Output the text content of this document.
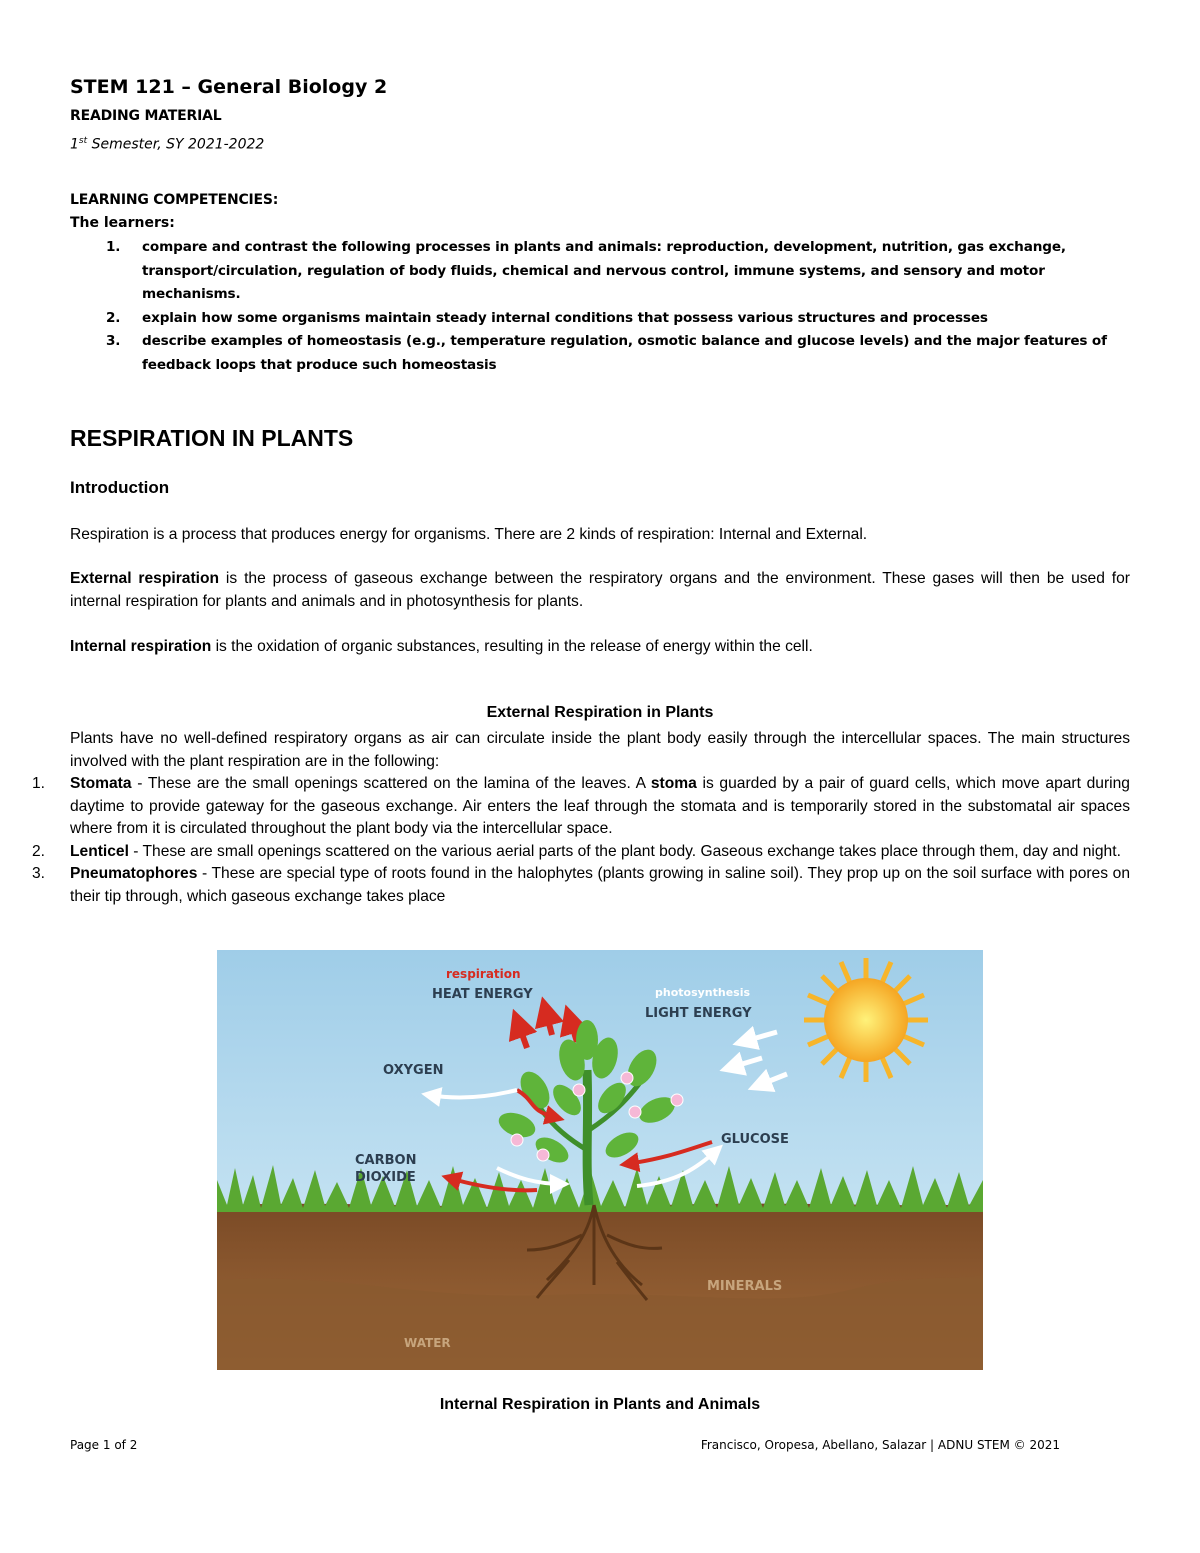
STEM 121 – General Biology 2
READING MATERIAL
1st Semester, SY 2021-2022
LEARNING COMPETENCIES:
The learners:
1. compare and contrast the following processes in plants and animals: reproduction, development, nutrition, gas exchange, transport/circulation, regulation of body fluids, chemical and nervous control, immune systems, and sensory and motor mechanisms.
2. explain how some organisms maintain steady internal conditions that possess various structures and processes
3. describe examples of homeostasis (e.g., temperature regulation, osmotic balance and glucose levels) and the major features of feedback loops that produce such homeostasis
RESPIRATION IN PLANTS
Introduction
Respiration is a process that produces energy for organisms. There are 2 kinds of respiration: Internal and External.
External respiration is the process of gaseous exchange between the respiratory organs and the environment. These gases will then be used for internal respiration for plants and animals and in photosynthesis for plants.
Internal respiration is the oxidation of organic substances, resulting in the release of energy within the cell.
External Respiration in Plants
Plants have no well-defined respiratory organs as air can circulate inside the plant body easily through the intercellular spaces. The main structures involved with the plant respiration are in the following:
1. Stomata - These are the small openings scattered on the lamina of the leaves. A stoma is guarded by a pair of guard cells, which move apart during daytime to provide gateway for the gaseous exchange. Air enters the leaf through the stomata and is temporarily stored in the substomatal air spaces where from it is circulated throughout the plant body via the intercellular space.
2. Lenticel - These are small openings scattered on the various aerial parts of the plant body. Gaseous exchange takes place through them, day and night.
3. Pneumatophores - These are special type of roots found in the halophytes (plants growing in saline soil). They prop up on the soil surface with pores on their tip through, which gaseous exchange takes place
respiration
HEAT ENERGY	photosynthesis
LIGHT ENERGY
OXYGEN
GLUCOSE
CARBON
DIOXIDE
MINERALS
WATER
Internal Respiration in Plants and Animals
Page 1 of 2	Francisco, Oropesa, Abellano, Salazar | ADNU STEM © 2021
